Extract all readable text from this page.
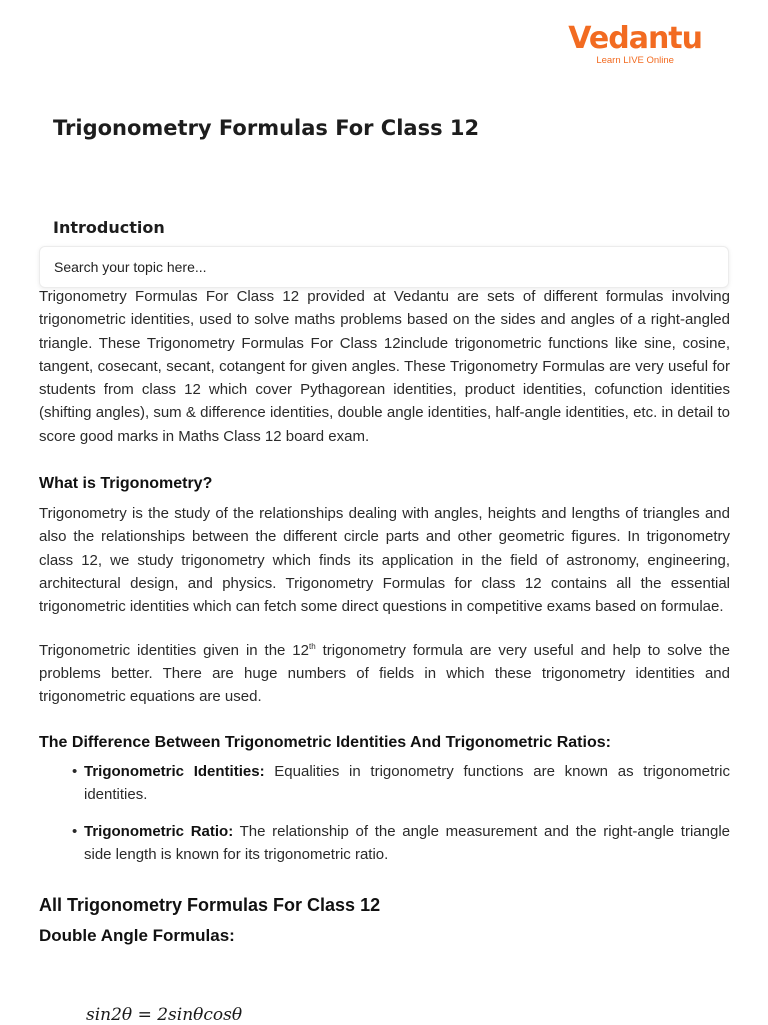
Vedantu
Learn LIVE Online
Trigonometry Formulas For Class 12
Introduction
Search your topic here...

Trigonometry Formulas For Class 12 provided at Vedantu are sets of different formulas involving trigonometric identities, used to solve maths problems based on the sides and angles of a right-angled triangle. These Trigonometry Formulas For Class 12include trigonometric functions like sine, cosine, tangent, cosecant, secant, cotangent for given angles. These Trigonometry Formulas are very useful for students from class 12 which cover Pythagorean identities, product identities, cofunction identities (shifting angles), sum & difference identities, double angle identities, half-angle identities, etc. in detail to score good marks in Maths Class 12 board exam.

What is Trigonometry?

Trigonometry is the study of the relationships dealing with angles, heights and lengths of triangles and also the relationships between the different circle parts and other geometric figures. In trigonometry class 12, we study trigonometry which finds its application in the field of astronomy, engineering, architectural design, and physics. Trigonometry Formulas for class 12 contains all the essential trigonometric identities which can fetch some direct questions in competitive exams based on formulae.

Trigonometric identities given in the 12th trigonometry formula are very useful and help to solve the problems better. There are huge numbers of fields in which these trigonometry identities and trigonometric equations are used.

The Difference Between Trigonometric Identities And Trigonometric Ratios:
• Trigonometric Identities: Equalities in trigonometry functions are known as trigonometric identities.
• Trigonometric Ratio: The relationship of the angle measurement and the right-angle triangle side length is known for its trigonometric ratio.
All Trigonometry Formulas For Class 12
Double Angle Formulas:
sin2θ = 2sinθcosθ
